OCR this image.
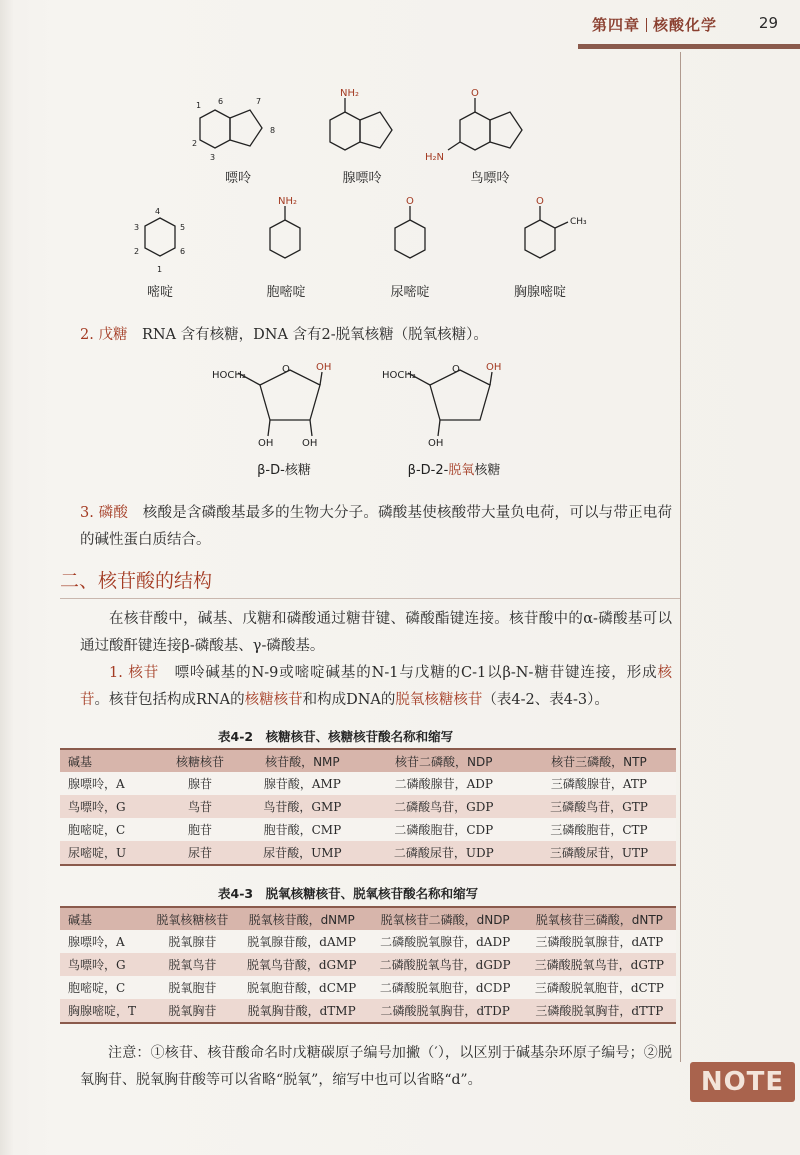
第四章 核酸化学	29
1 6	7
8
2
3
NH₂	O
H₂N
4
3	5
2	6
1
NH₂	O	O
CH₃
O
HOCH₂
OH
OH	OH
O
HOCH₂
OH
OH
嘌呤	腺嘌呤	鸟嘌呤
嘧啶	胞嘧啶	尿嘧啶	胸腺嘧啶
β-D-核糖	β-D-2-脱氧核糖
2. 戊糖　 RNA 含有核糖，DNA 含有2-脱氧核糖（脱氧核糖）。
3. 磷酸　 核酸是含磷酸基最多的生物大分子。磷酸基使核酸带大量负电荷，可以与带正电荷的碱性蛋白质结合。
二、核苷酸的结构
在核苷酸中，碱基、戊糖和磷酸通过糖苷键、磷酸酯键连接。核苷酸中的α-磷酸基可以通过酸酐键连接β-磷酸基、γ-磷酸基。
1. 核苷　 嘌呤碱基的N-9或嘧啶碱基的N-1与戊糖的C-1以β-N-糖苷键连接，形成核苷。核苷包括构成RNA的核糖核苷和构成DNA的脱氧核糖核苷（表4-2、表4-3）。
表4-2　核糖核苷、核糖核苷酸名称和缩写
碱基	核糖核苷	核苷酸，NMP	核苷二磷酸，NDP	核苷三磷酸，NTP
腺嘌呤，A	腺苷	腺苷酸，AMP	二磷酸腺苷，ADP	三磷酸腺苷，ATP
鸟嘌呤，G	鸟苷	鸟苷酸，GMP	二磷酸鸟苷，GDP	三磷酸鸟苷，GTP
胞嘧啶，C	胞苷	胞苷酸，CMP	二磷酸胞苷，CDP	三磷酸胞苷，CTP
尿嘧啶，U	尿苷	尿苷酸，UMP	二磷酸尿苷，UDP	三磷酸尿苷，UTP
表4-3　脱氧核糖核苷、脱氧核苷酸名称和缩写
碱基	脱氧核糖核苷	脱氧核苷酸，dNMP	脱氧核苷二磷酸，dNDP	脱氧核苷三磷酸，dNTP
腺嘌呤，A	脱氧腺苷	脱氧腺苷酸，dAMP	二磷酸脱氧腺苷，dADP	三磷酸脱氧腺苷，dATP
鸟嘌呤，G	脱氧鸟苷	脱氧鸟苷酸，dGMP	二磷酸脱氧鸟苷，dGDP	三磷酸脱氧鸟苷，dGTP
胞嘧啶，C	脱氧胞苷	脱氧胞苷酸，dCMP	二磷酸脱氧胞苷，dCDP	三磷酸脱氧胞苷，dCTP
胸腺嘧啶，T	脱氧胸苷	脱氧胸苷酸，dTMP	二磷酸脱氧胸苷，dTDP	三磷酸脱氧胸苷，dTTP
注意：①核苷、核苷酸命名时戊糖碳原子编号加撇（′），以区别于碱基杂环原子编号；②脱氧胸苷、脱氧胸苷酸等可以省略“脱氧”，缩写中也可以省略“d”。	NOTE
